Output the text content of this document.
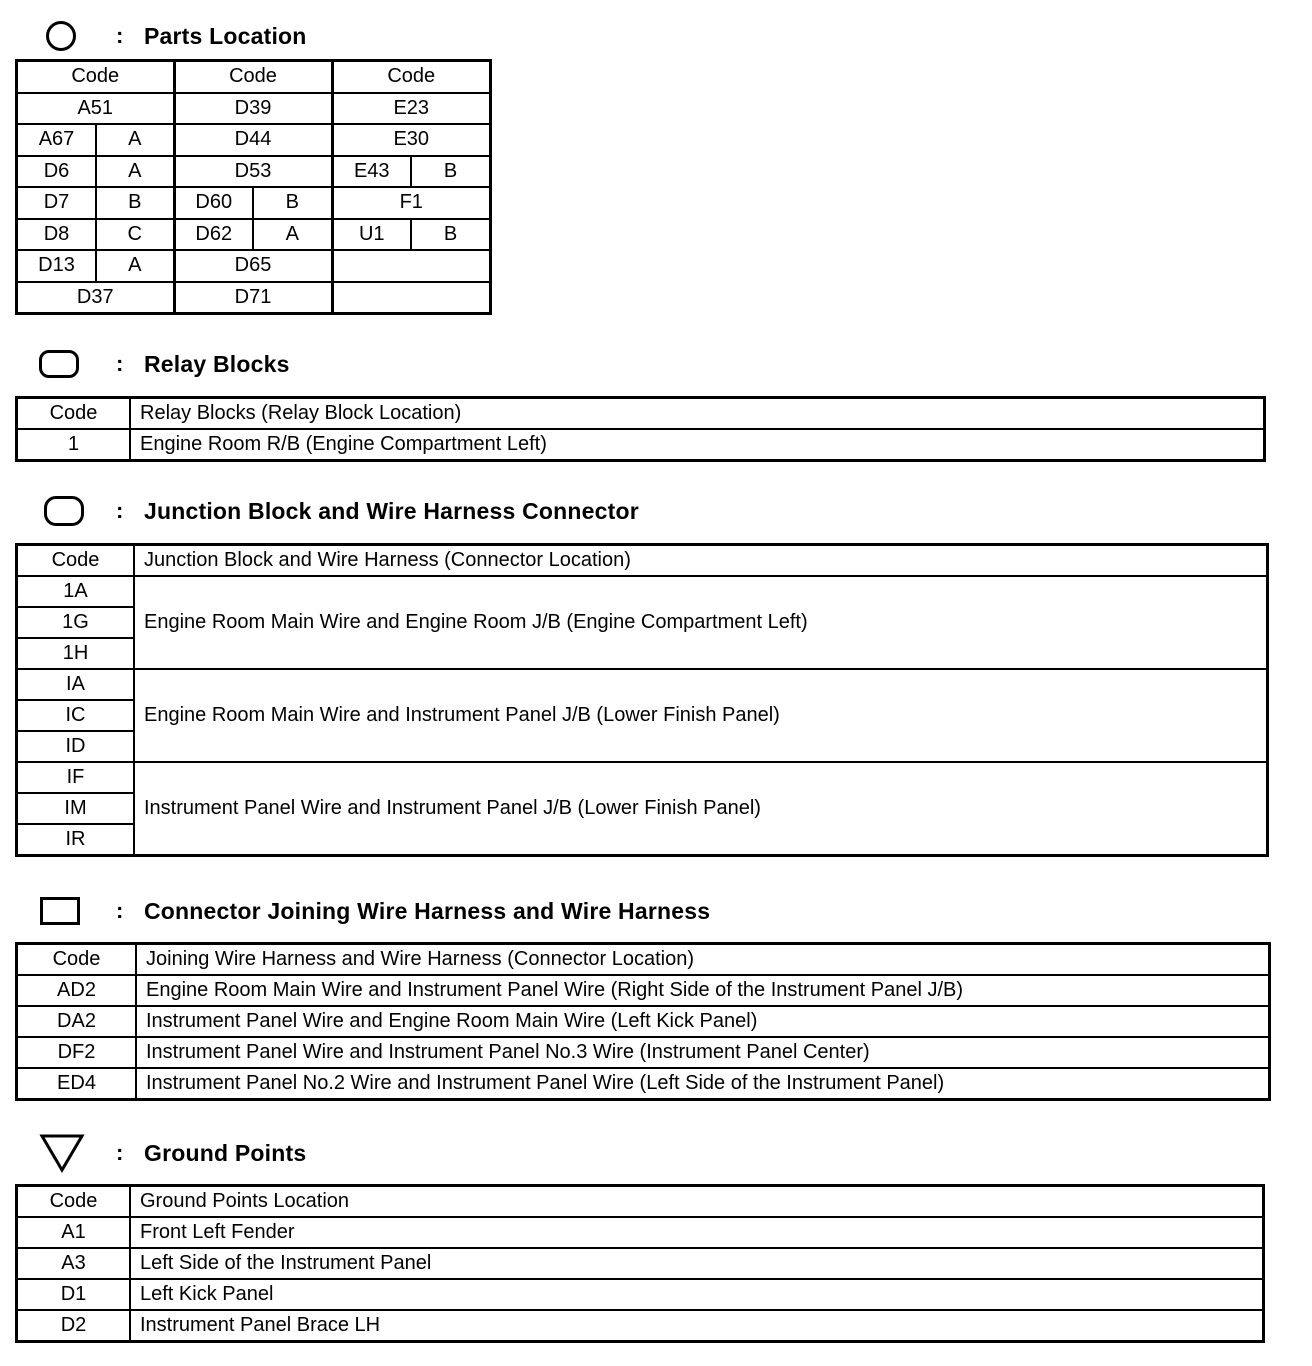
: Parts Location
Code		Code		Code	
A51		D39		E23	
A67	A	D44		E30	
D6	A	D53		E43	B
D7	B	D60	B	F1	
D8	C	D62	A	U1	B
D13	A	D65			
D37		D71			
: Relay Blocks
Code	Relay Blocks (Relay Block Location)
1	Engine Room R/B (Engine Compartment Left)
: Junction Block and Wire Harness Connector
Code	Junction Block and Wire Harness (Connector Location)
1A	Engine Room Main Wire and Engine Room J/B (Engine Compartment Left)
1G	
1H	
IA	Engine Room Main Wire and Instrument Panel J/B (Lower Finish Panel)
IC	
ID	
IF	Instrument Panel Wire and Instrument Panel J/B (Lower Finish Panel)
IM	
IR	
: Connector Joining Wire Harness and Wire Harness
Code	Joining Wire Harness and Wire Harness (Connector Location)
AD2	Engine Room Main Wire and Instrument Panel Wire (Right Side of the Instrument Panel J/B)
DA2	Instrument Panel Wire and Engine Room Main Wire (Left Kick Panel)
DF2	Instrument Panel Wire and Instrument Panel No.3 Wire (Instrument Panel Center)
ED4	Instrument Panel No.2 Wire and Instrument Panel Wire (Left Side of the Instrument Panel)
: Ground Points
Code	Ground Points Location
A1	Front Left Fender
A3	Left Side of the Instrument Panel
D1	Left Kick Panel
D2	Instrument Panel Brace LH
